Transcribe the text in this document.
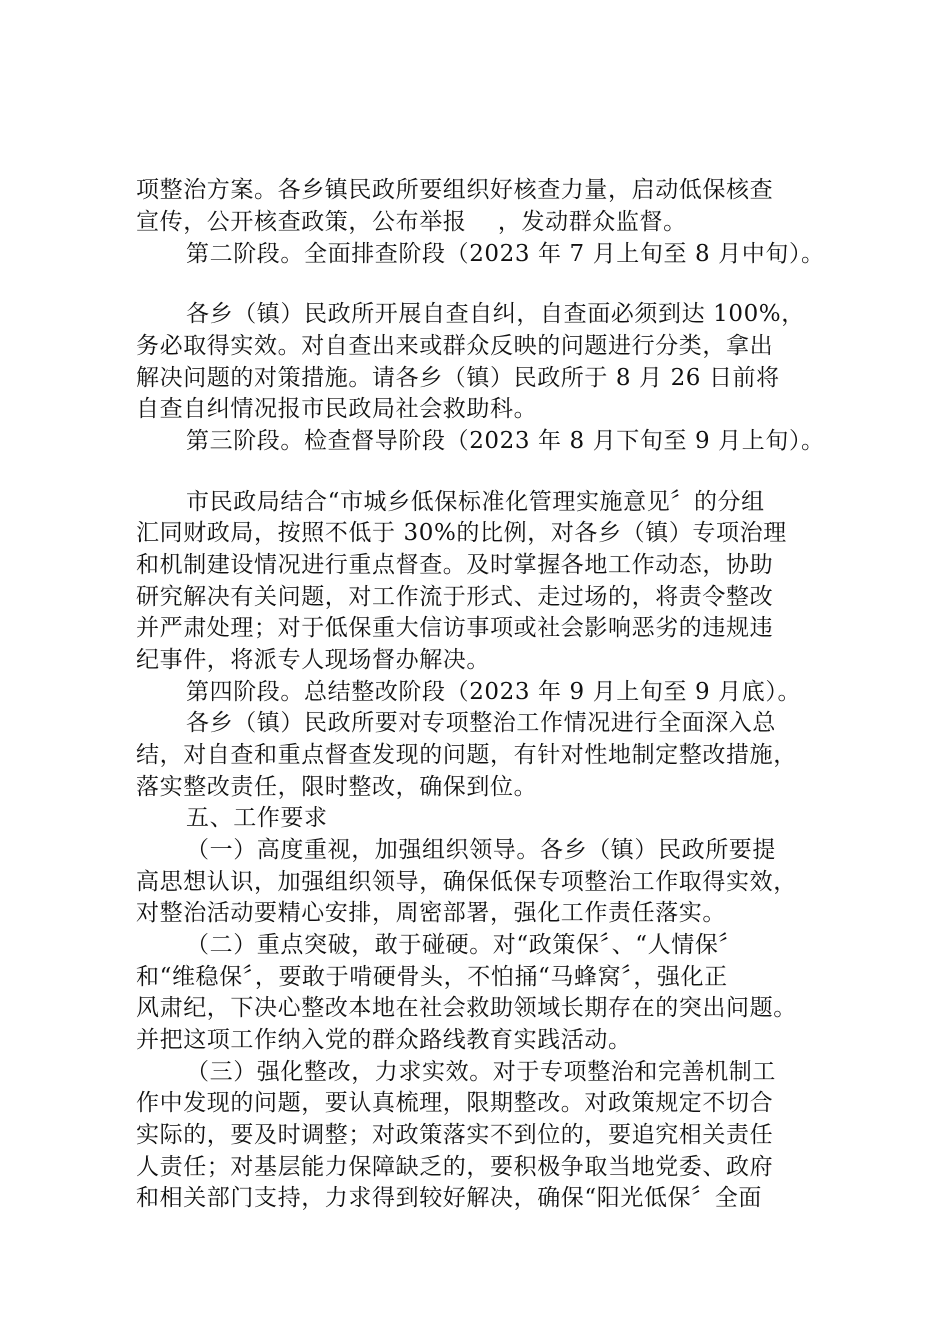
项整治方案。各乡镇民政所要组织好核查力量，启动低保核查
宣传，公开核查政策，公布举报　 ，发动群众监督。
第二阶段。全面排查阶段（2023 年 7 月上旬至 8 月中旬）。
各乡（镇）民政所开展自查自纠，自查面必须到达 100%，
务必取得实效。对自查出来或群众反映的问题进行分类，拿出
解决问题的对策措施。请各乡（镇）民政所于 8 月 26 日前将
自查自纠情况报市民政局社会救助科。
第三阶段。检查督导阶段（2023 年 8 月下旬至 9 月上旬）。
市民政局结合“市城乡低保标准化管理实施意见〞的分组
汇同财政局，按照不低于 30%的比例，对各乡（镇）专项治理
和机制建设情况进行重点督查。及时掌握各地工作动态，协助
研究解决有关问题，对工作流于形式、走过场的，将责令整改
并严肃处理；对于低保重大信访事项或社会影响恶劣的违规违
纪事件，将派专人现场督办解决。
第四阶段。总结整改阶段（2023 年 9 月上旬至 9 月底）。
各乡（镇）民政所要对专项整治工作情况进行全面深入总
结，对自查和重点督查发现的问题，有针对性地制定整改措施，
落实整改责任，限时整改，确保到位。
五、工作要求
（一）高度重视，加强组织领导。各乡（镇）民政所要提
高思想认识，加强组织领导，确保低保专项整治工作取得实效，
对整治活动要精心安排，周密部署，强化工作责任落实。
（二）重点突破，敢于碰硬。对“政策保〞、“人情保〞
和“维稳保〞，要敢于啃硬骨头，不怕捅“马蜂窝〞，强化正
风肃纪，下决心整改本地在社会救助领域长期存在的突出问题。
并把这项工作纳入党的群众路线教育实践活动。
（三）强化整改，力求实效。对于专项整治和完善机制工
作中发现的问题，要认真梳理，限期整改。对政策规定不切合
实际的，要及时调整；对政策落实不到位的，要追究相关责任
人责任；对基层能力保障缺乏的，要积极争取当地党委、政府
和相关部门支持，力求得到较好解决，确保“阳光低保〞全面
